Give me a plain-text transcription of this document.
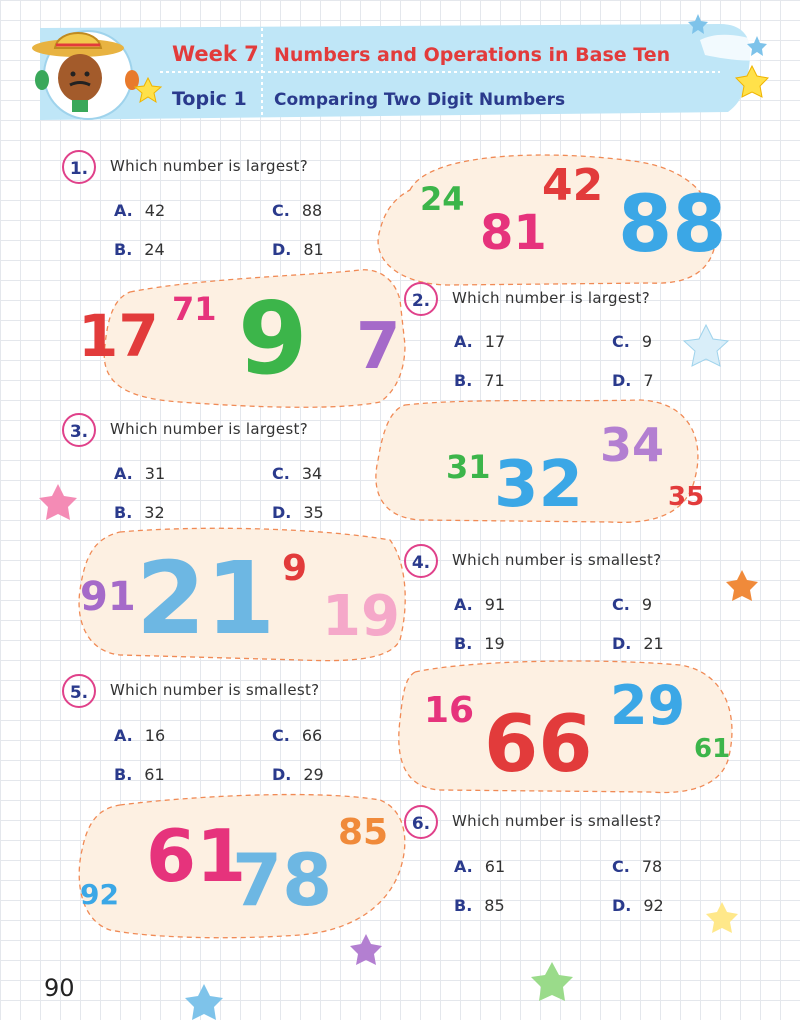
Week 7 Numbers and Operations in Base Ten
Topic 1 Comparing Two Digit Numbers
24
81
42 88
17 71 9 7
31 32
34
35
91 21 9
19
16 66 29
61
92 61
78
85
1.	Which number is largest?
A. 42
B. 24
C. 88
D. 81
2.	Which number is largest?
A. 17
B. 71
C. 9
D. 7
3.	Which number is largest?
A. 31
B. 32
C. 34
D. 35
4.	Which number is smallest?
A. 91
B. 19
C. 9
D. 21
5.	Which number is smallest?
A. 16
B. 61
C. 66
D. 29
6.	Which number is smallest?
A. 61
B. 85
C. 78
D. 92
90
